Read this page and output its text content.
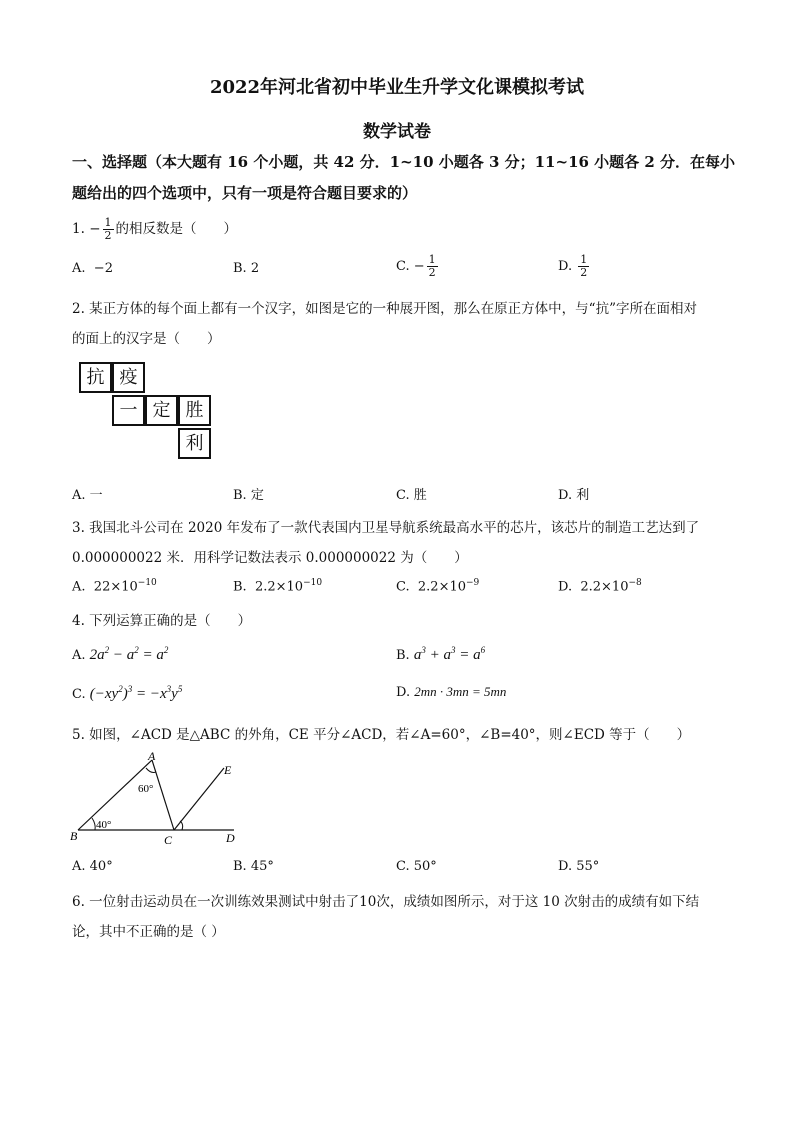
2022年河北省初中毕业生升学文化课模拟考试
数学试卷
一、选择题（本大题有 16 个小题，共 42 分．1~10 小题各 3 分；11~16 小题各 2 分．在每小
题给出的四个选项中，只有一项是符合题目要求的）
1. − $\frac{1}{2}$ 的相反数是（　　）
A. −2	B. 2	C. − $\frac{1}{2}$	D. $\frac{1}{2}$
2. 某正方体的每个面上都有一个汉字，如图是它的一种展开图，那么在原正方体中，与“抗”字所在面相对
的面上的汉字是（　　）
抗 疫
一 定 胜
利
A. 一	B. 定	C. 胜	D. 利
3. 我国北斗公司在 2020 年发布了一款代表国内卫星导航系统最高水平的芯片，该芯片的制造工艺达到了
0.000000022 米．用科学记数法表示 0.000000022 为（　　）
A. $22\times 10^{-10}$	B. $2.2\times 10^{-10}$	C. $2.2\times 10^{-9}$	D. $2.2\times 10^{-8}$
4. 下列运算正确的是（　　）
A. $2a^2 - a^2 = a^2$	B. $a^3 + a^3 = a^6$
C. $(-xy^2)^3 = -x^3y^5$	D. 2mn · 3mn = 5mn
5. 如图，∠ACD 是△ABC 的外角，CE 平分∠ACD，若∠A=60°，∠B=40°，则∠ECD 等于（　　）
A
B	C	D
E
60°
40°
A. 40°	B. 45°	C. 50°	D. 55°
6. 一位射击运动员在一次训练效果测试中射击了10次，成绩如图所示，对于这 10 次射击的成绩有如下结
论，其中不正确的是（ ）
